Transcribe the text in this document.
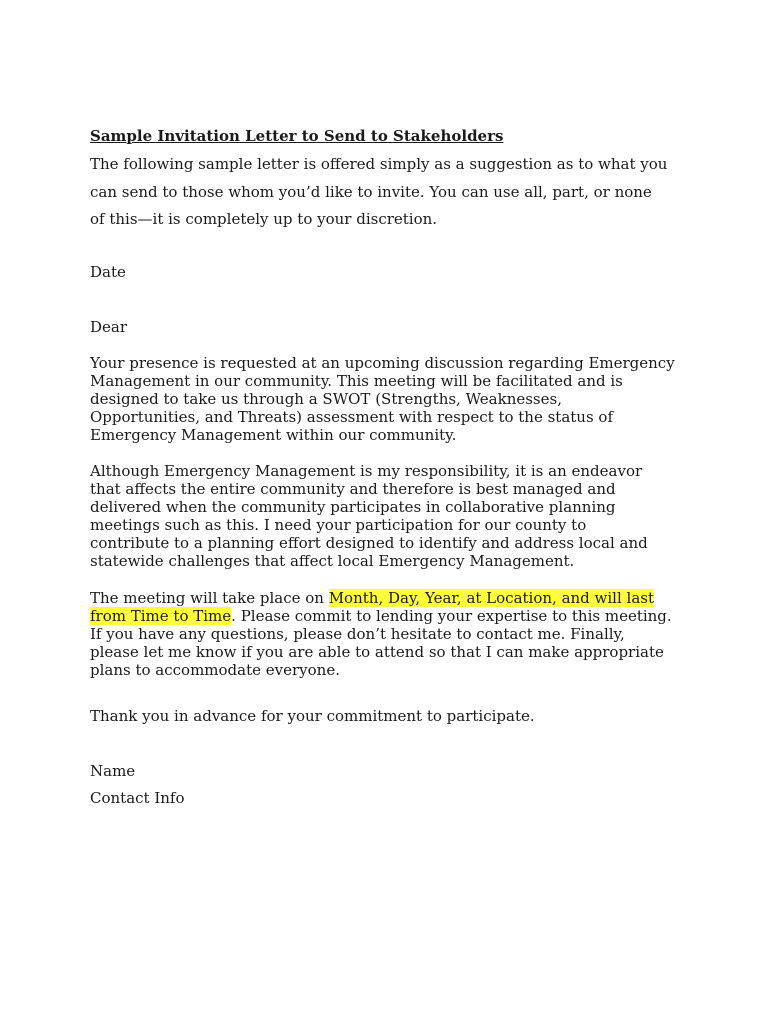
Sample Invitation Letter to Send to Stakeholders
The following sample letter is offered simply as a suggestion as to what you
can send to those whom you’d like to invite. You can use all, part, or none
of this—it is completely up to your discretion.
Date
Dear
Your presence is requested at an upcoming discussion regarding Emergency
Management in our community. This meeting will be facilitated and is
designed to take us through a SWOT (Strengths, Weaknesses,
Opportunities, and Threats) assessment with respect to the status of
Emergency Management within our community.
Although Emergency Management is my responsibility, it is an endeavor
that affects the entire community and therefore is best managed and
delivered when the community participates in collaborative planning
meetings such as this. I need your participation for our county to
contribute to a planning effort designed to identify and address local and
statewide challenges that affect local Emergency Management.
The meeting will take place on Month, Day, Year, at Location, and will last
from Time to Time. Please commit to lending your expertise to this meeting.
If you have any questions, please don’t hesitate to contact me. Finally,
please let me know if you are able to attend so that I can make appropriate
plans to accommodate everyone.
Thank you in advance for your commitment to participate.
Name
Contact Info
